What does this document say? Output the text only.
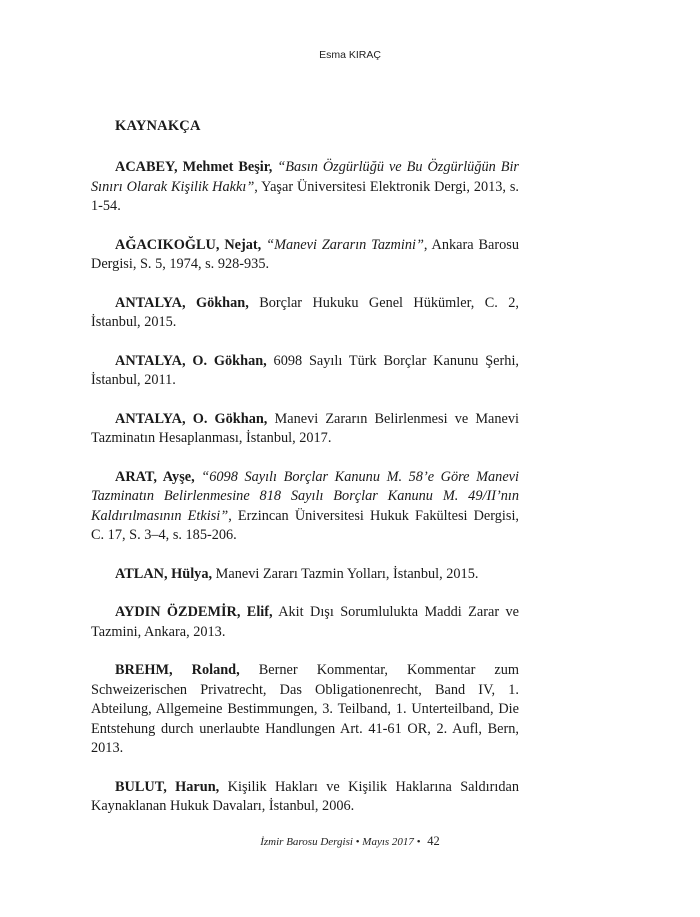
Esma KIRAÇ
KAYNAKÇA

ACABEY, Mehmet Beşir, “Basın Özgürlüğü ve Bu Özgürlüğün Bir Sınırı Olarak Kişilik Hakkı”, Yaşar Üniversitesi Elektronik Dergi, 2013, s. 1-54.

AĞACIKOĞLU, Nejat, “Manevi Zararın Tazmini”, Ankara Barosu Dergisi, S. 5, 1974, s. 928-935.

ANTALYA, Gökhan, Borçlar Hukuku Genel Hükümler, C. 2, İstanbul, 2015.

ANTALYA, O. Gökhan, 6098 Sayılı Türk Borçlar Kanunu Şerhi, İstanbul, 2011.

ANTALYA, O. Gökhan, Manevi Zararın Belirlenmesi ve Manevi Tazminatın Hesaplanması, İstanbul, 2017.

ARAT, Ayşe, “6098 Sayılı Borçlar Kanunu M. 58’e Göre Manevi Tazminatın Belirlenmesine 818 Sayılı Borçlar Kanunu M. 49/II’nın Kaldırılmasının Etkisi”, Erzincan Üniversitesi Hukuk Fakültesi Dergisi, C. 17, S. 3–4, s. 185-206.

ATLAN, Hülya, Manevi Zararı Tazmin Yolları, İstanbul, 2015.

AYDIN ÖZDEMİR, Elif, Akit Dışı Sorumlulukta Maddi Zarar ve Tazmini, Ankara, 2013.

BREHM, Roland, Berner Kommentar, Kommentar zum Schweizerischen Privatrecht, Das Obligationenrecht, Band IV, 1. Abteilung, Allgemeine Bestimmungen, 3. Teilband, 1. Unterteilband, Die Entstehung durch unerlaubte Handlungen Art. 41-61 OR, 2. Aufl, Bern, 2013.

BULUT, Harun, Kişilik Hakları ve Kişilik Haklarına Saldırıdan Kaynaklanan Hukuk Davaları, İstanbul, 2006.

İzmir Barosu Dergisi • Mayıs 2017 • 42
